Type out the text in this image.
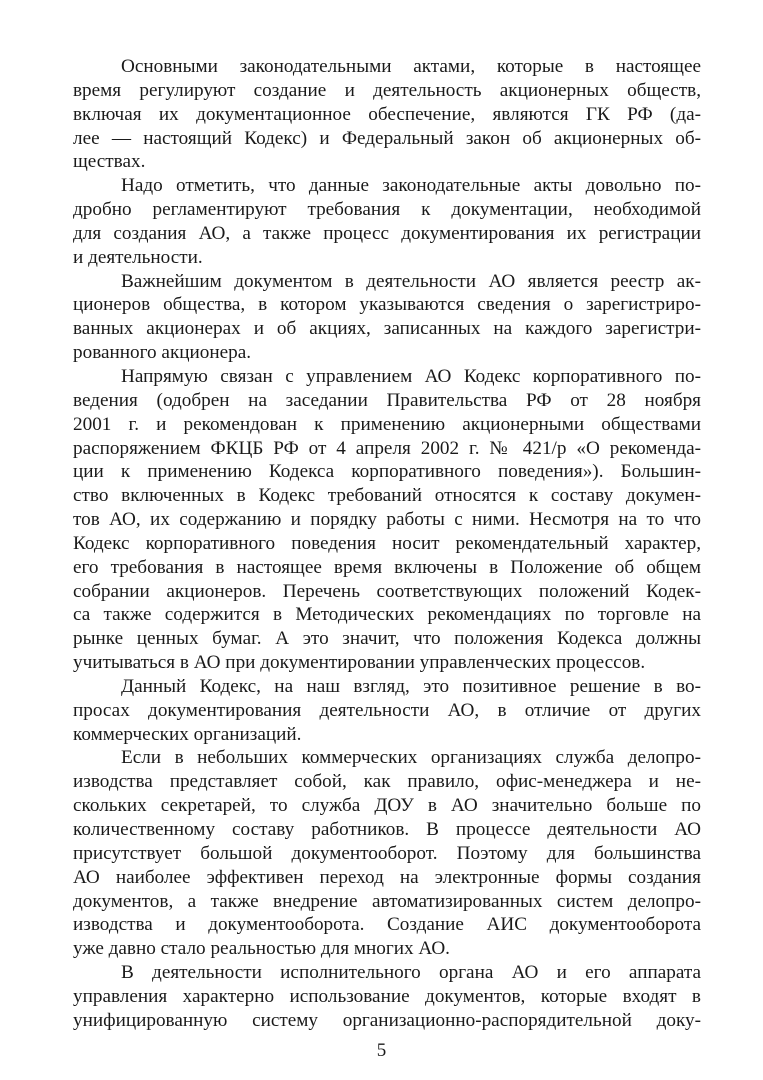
Основными законодательными актами, которые в настоящее
время регулируют создание и деятельность акционерных обществ,
включая их документационное обеспечение, являются ГК РФ (да-
лее — настоящий Кодекс) и Федеральный закон об акционерных об-
ществах.
Надо отметить, что данные законодательные акты довольно по-
дробно регламентируют требования к документации, необходимой
для создания АО, а также процесс документирования их регистрации
и деятельности.
Важнейшим документом в деятельности АО является реестр ак-
ционеров общества, в котором указываются сведения о зарегистриро-
ванных акционерах и об акциях, записанных на каждого зарегистри-
рованного акционера.
Напрямую связан с управлением АО Кодекс корпоративного по-
ведения (одобрен на заседании Правительства РФ от 28 ноября
2001 г. и рекомендован к применению акционерными обществами
распоряжением ФКЦБ РФ от 4 апреля 2002 г. № 421/р «О рекоменда-
ции к применению Кодекса корпоративного поведения»). Большин-
ство включенных в Кодекс требований относятся к составу докумен-
тов АО, их содержанию и порядку работы с ними. Несмотря на то что
Кодекс корпоративного поведения носит рекомендательный характер,
его требования в настоящее время включены в Положение об общем
собрании акционеров. Перечень соответствующих положений Кодек-
са также содержится в Методических рекомендациях по торговле на
рынке ценных бумаг. А это значит, что положения Кодекса должны
учитываться в АО при документировании управленческих процессов.
Данный Кодекс, на наш взгляд, это позитивное решение в во-
просах документирования деятельности АО, в отличие от других
коммерческих организаций.
Если в небольших коммерческих организациях служба делопро-
изводства представляет собой, как правило, офис-менеджера и не-
скольких секретарей, то служба ДОУ в АО значительно больше по
количественному составу работников. В процессе деятельности АО
присутствует большой документооборот. Поэтому для большинства
АО наиболее эффективен переход на электронные формы создания
документов, а также внедрение автоматизированных систем делопро-
изводства и документооборота. Создание АИС документооборота
уже давно стало реальностью для многих АО.
В деятельности исполнительного органа АО и его аппарата
управления характерно использование документов, которые входят в
унифицированную систему организационно-распорядительной доку-
5
